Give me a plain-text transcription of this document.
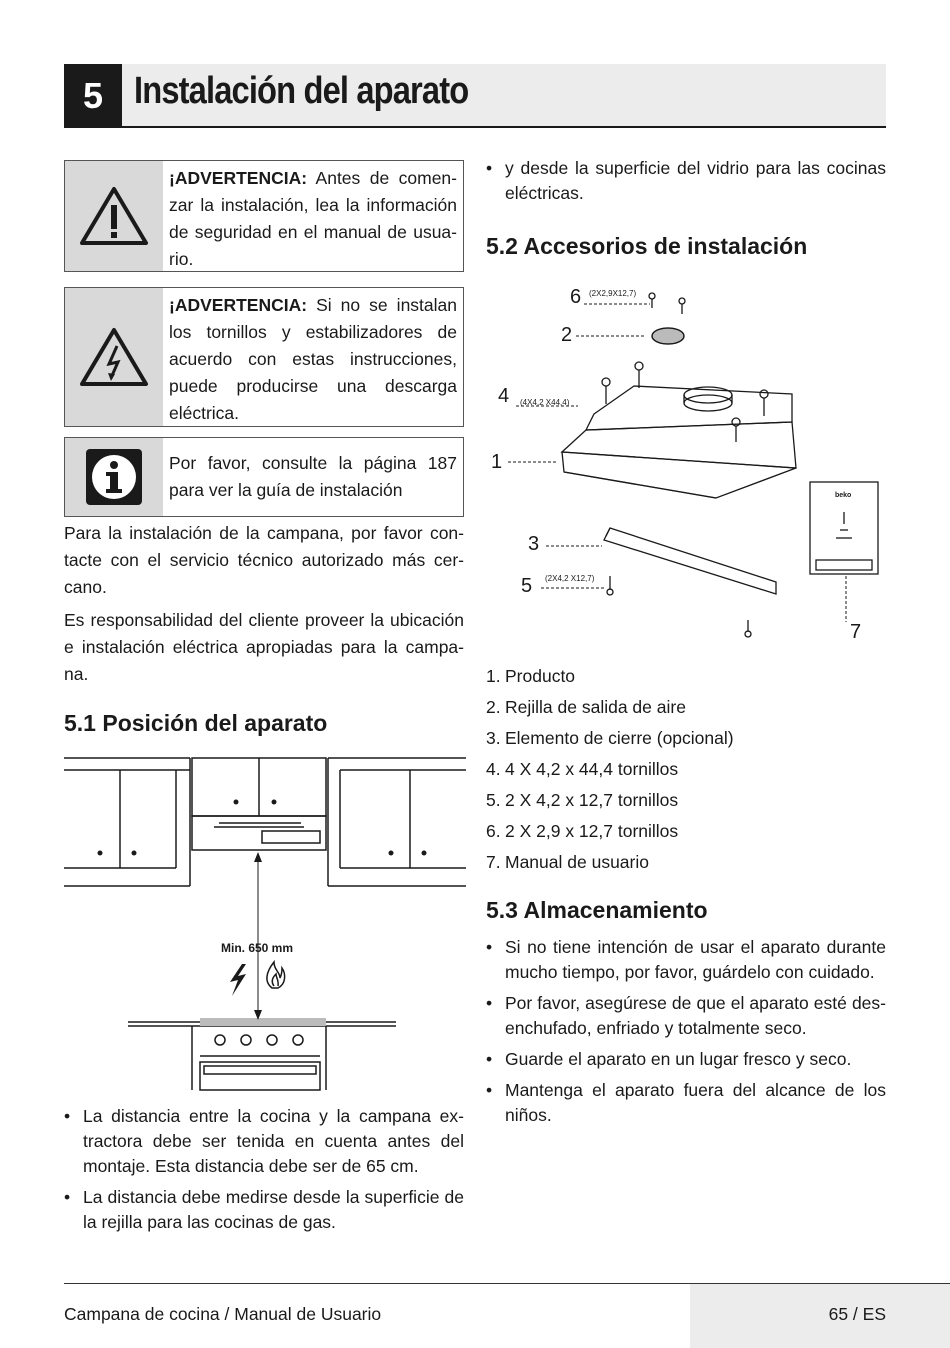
5 Instalación del aparato
¡ADVERTENCIA: Antes de comen- zar la instalación, lea la información de seguridad en el manual de usua- rio.
¡ADVERTENCIA: Si no se instalan los tornillos y estabilizadores de acuerdo con estas instrucciones, puede producirse una descarga eléctrica.
Por favor, consulte la página 187 para ver la guía de instalación
Para la instalación de la campana, por favor con- tacte con el servicio técnico autorizado más cer- cano.
Es responsabilidad del cliente proveer la ubicación e instalación eléctrica apropiadas para la campa- na.
5.1 Posición del aparato
Min. 650 mm
• La distancia entre la cocina y la campana ex- tractora debe ser tenida en cuenta antes del montaje. Esta distancia debe ser de 65 cm.
• La distancia debe medirse desde la superficie de la rejilla para las cocinas de gas.
• y desde la superficie del vidrio para las cocinas eléctricas.
5.2 Accesorios de instalación
6 (2X2,9X12,7)
2
4 (4X4,2 X44,4)
1
3
5 (2X4,2 X12,7)
7
beko
1. Producto
2. Rejilla de salida de aire
3. Elemento de cierre (opcional)
4. 4 X 4,2 x 44,4 tornillos
5. 2 X 4,2 x 12,7 tornillos
6. 2 X 2,9 x 12,7 tornillos
7. Manual de usuario
5.3 Almacenamiento
• Si no tiene intención de usar el aparato durante mucho tiempo, por favor, guárdelo con cuidado.
• Por favor, asegúrese de que el aparato esté des- enchufado, enfriado y totalmente seco.
• Guarde el aparato en un lugar fresco y seco.
• Mantenga el aparato fuera del alcance de los niños.
Campana de cocina / Manual de Usuario	65 / ES
